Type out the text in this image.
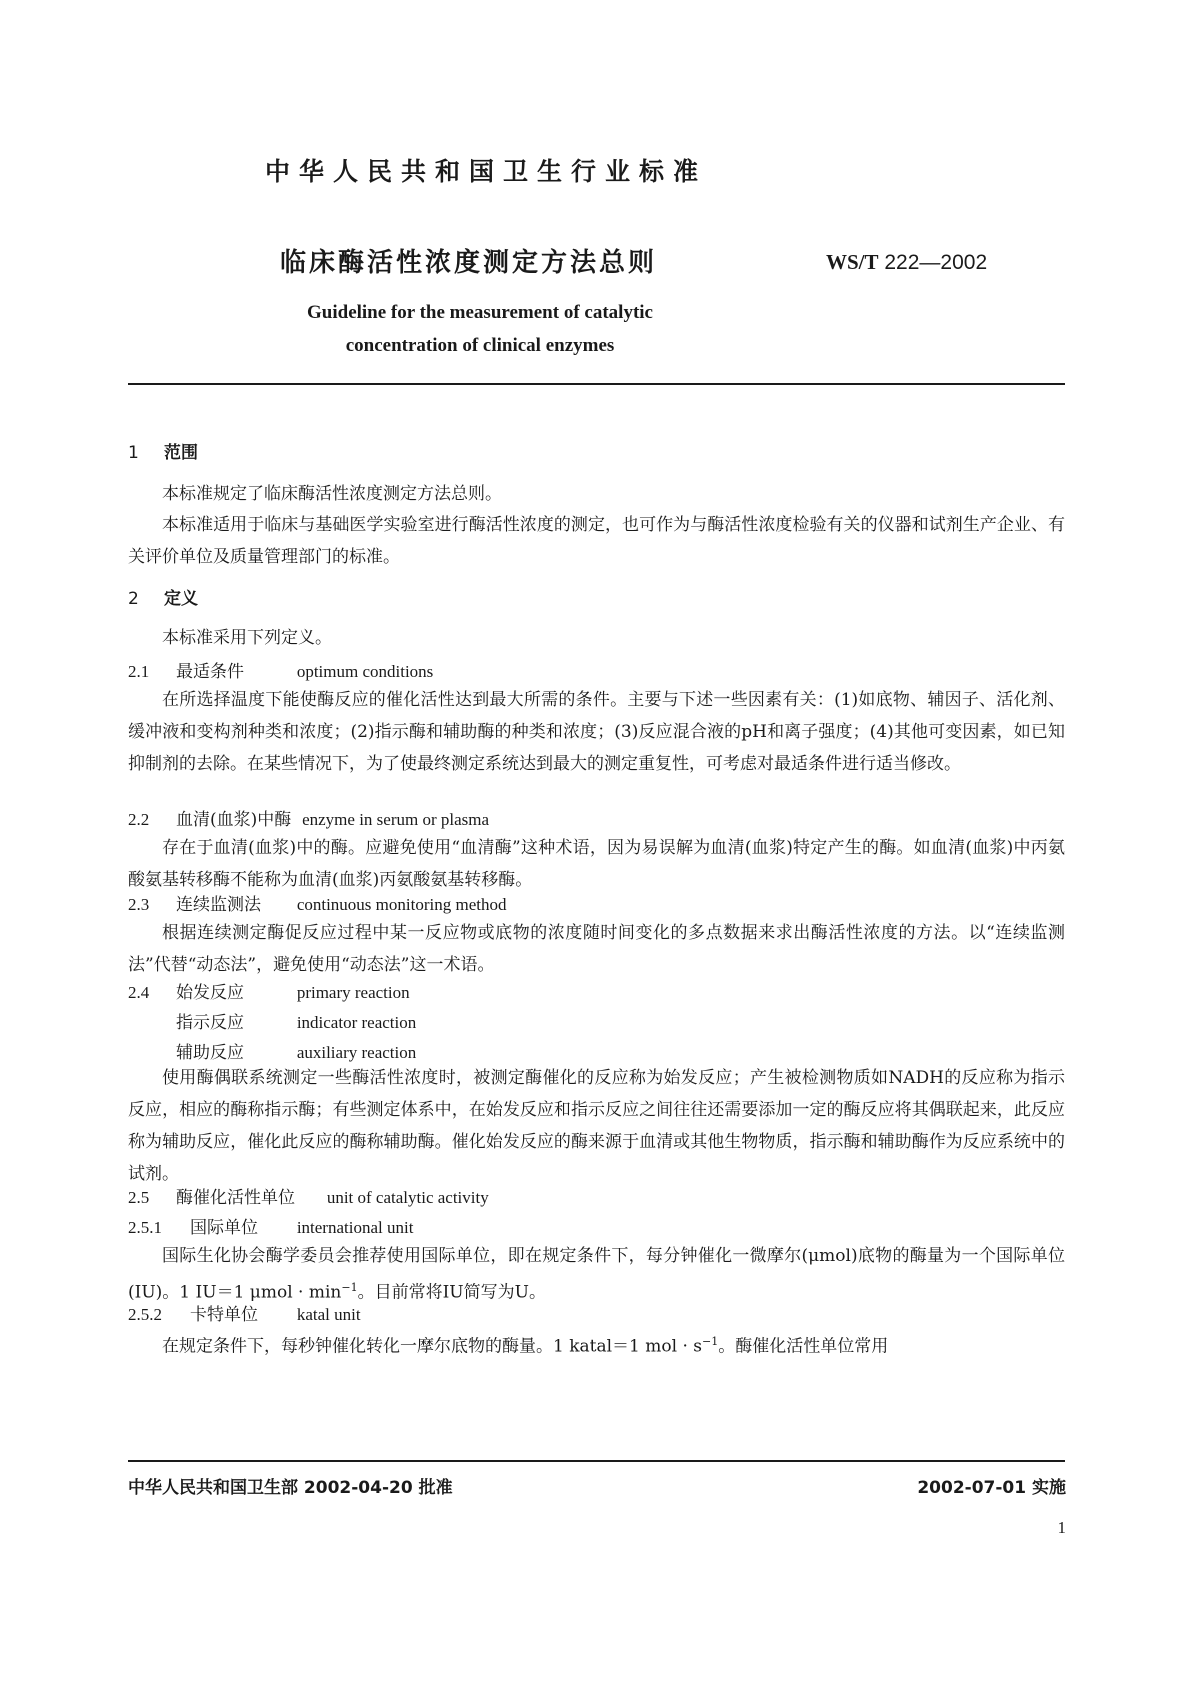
中华人民共和国卫生行业标准
临床酶活性浓度测定方法总则	WS/T 222—2002
Guideline for the measurement of catalytic
concentration of clinical enzymes
1 范围
本标准规定了临床酶活性浓度测定方法总则。
本标准适用于临床与基础医学实验室进行酶活性浓度的测定，也可作为与酶活性浓度检验有关的仪器和试剂生产企业、有关评价单位及质量管理部门的标准。
2 定义
本标准采用下列定义。
2.1 最适条件	optimum conditions
在所选择温度下能使酶反应的催化活性达到最大所需的条件。主要与下述一些因素有关：(1)如底物、辅因子、活化剂、缓冲液和变构剂种类和浓度；(2)指示酶和辅助酶的种类和浓度；(3)反应混合液的pH和离子强度；(4)其他可变因素，如已知抑制剂的去除。在某些情况下，为了使最终测定系统达到最大的测定重复性，可考虑对最适条件进行适当修改。
2.2 血清(血浆)中酶 enzyme in serum or plasma
存在于血清(血浆)中的酶。应避免使用“血清酶”这种术语，因为易误解为血清(血浆)特定产生的酶。如血清(血浆)中丙氨酸氨基转移酶不能称为血清(血浆)丙氨酸氨基转移酶。
2.3 连续监测法 continuous monitoring method
根据连续测定酶促反应过程中某一反应物或底物的浓度随时间变化的多点数据来求出酶活性浓度的方法。以“连续监测法”代替“动态法”，避免使用“动态法”这一术语。
2.4 始发反应	primary reaction
指示反应	indicator reaction
辅助反应	auxiliary reaction
使用酶偶联系统测定一些酶活性浓度时，被测定酶催化的反应称为始发反应；产生被检测物质如NADH的反应称为指示反应，相应的酶称指示酶；有些测定体系中，在始发反应和指示反应之间往往还需要添加一定的酶反应将其偶联起来，此反应称为辅助反应，催化此反应的酶称辅助酶。催化始发反应的酶来源于血清或其他生物物质，指示酶和辅助酶作为反应系统中的试剂。
2.5 酶催化活性单位 unit of catalytic activity
2.5.1 国际单位 international unit
国际生化协会酶学委员会推荐使用国际单位，即在规定条件下，每分钟催化一微摩尔(μmol)底物的酶量为一个国际单位(IU)。1 IU＝1 $\mu mol \cdot \min^{-1}$。目前常将IU简写为U。
2.5.2 卡特单位 katal unit
在规定条件下，每秒钟催化转化一摩尔底物的酶量。1 katal＝1 mol · $s^{-1}$。酶催化活性单位常用
中华人民共和国卫生部 2002-04-20 批准	2002-07-01 实施
1
